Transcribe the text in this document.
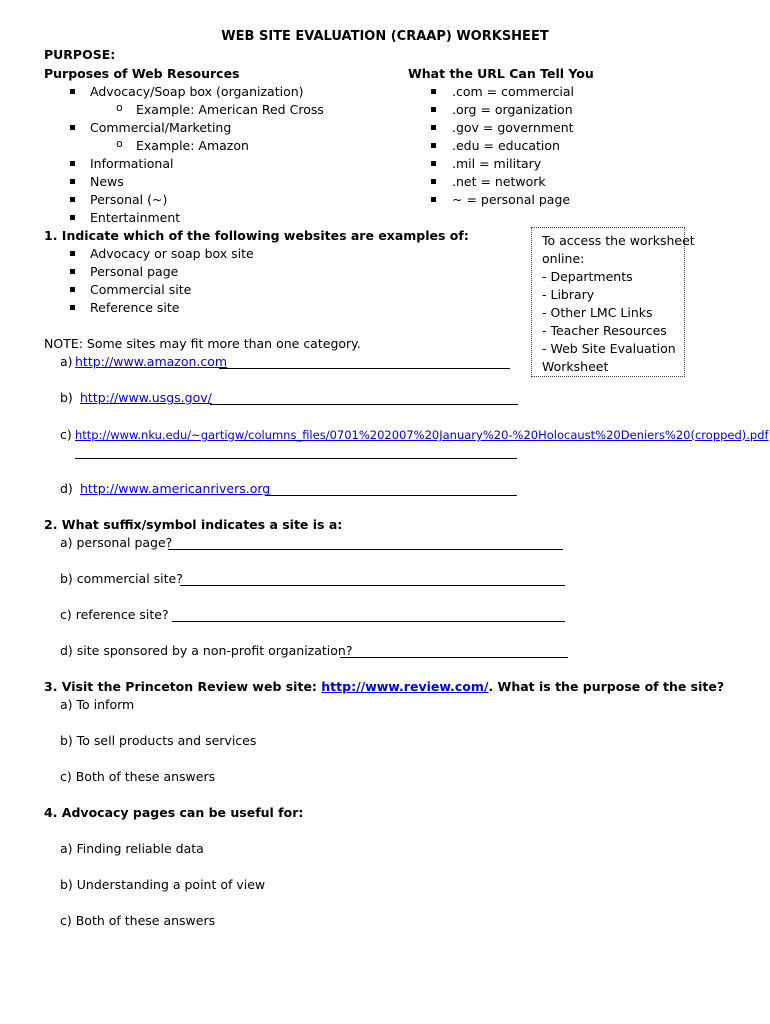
WEB SITE EVALUATION (CRAAP) WORKSHEET
PURPOSE:
Purposes of Web Resources	What the URL Can Tell You
Advocacy/Soap box (organization)
o Example: American Red Cross
Commercial/Marketing
o Example: Amazon
Informational
News
Personal (~)
Entertainment
.com = commercial
.org = organization
.gov = government
.edu = education
.mil = military
.net = network
~ = personal page
1. Indicate which of the following websites are examples of:
Advocacy or soap box site
Personal page
Commercial site
Reference site
NOTE: Some sites may fit more than one category.
a) http://www.amazon.com
b) http://www.usgs.gov/
c) http://www.nku.edu/~gartigw/columns_files/0701%202007%20January%20-%20Holocaust%20Deniers%20(cropped).pdf
d) http://www.americanrivers.org
To access the worksheet
online:
- Departments
- Library
- Other LMC Links
- Teacher Resources
- Web Site Evaluation
Worksheet
2. What suffix/symbol indicates a site is a:
a) personal page?
b) commercial site?
c) reference site?
d) site sponsored by a non-profit organization?
3. Visit the Princeton Review web site: http://www.review.com/. What is the purpose of the site?
a) To inform
b) To sell products and services
c) Both of these answers
4. Advocacy pages can be useful for:
a) Finding reliable data
b) Understanding a point of view
c) Both of these answers
